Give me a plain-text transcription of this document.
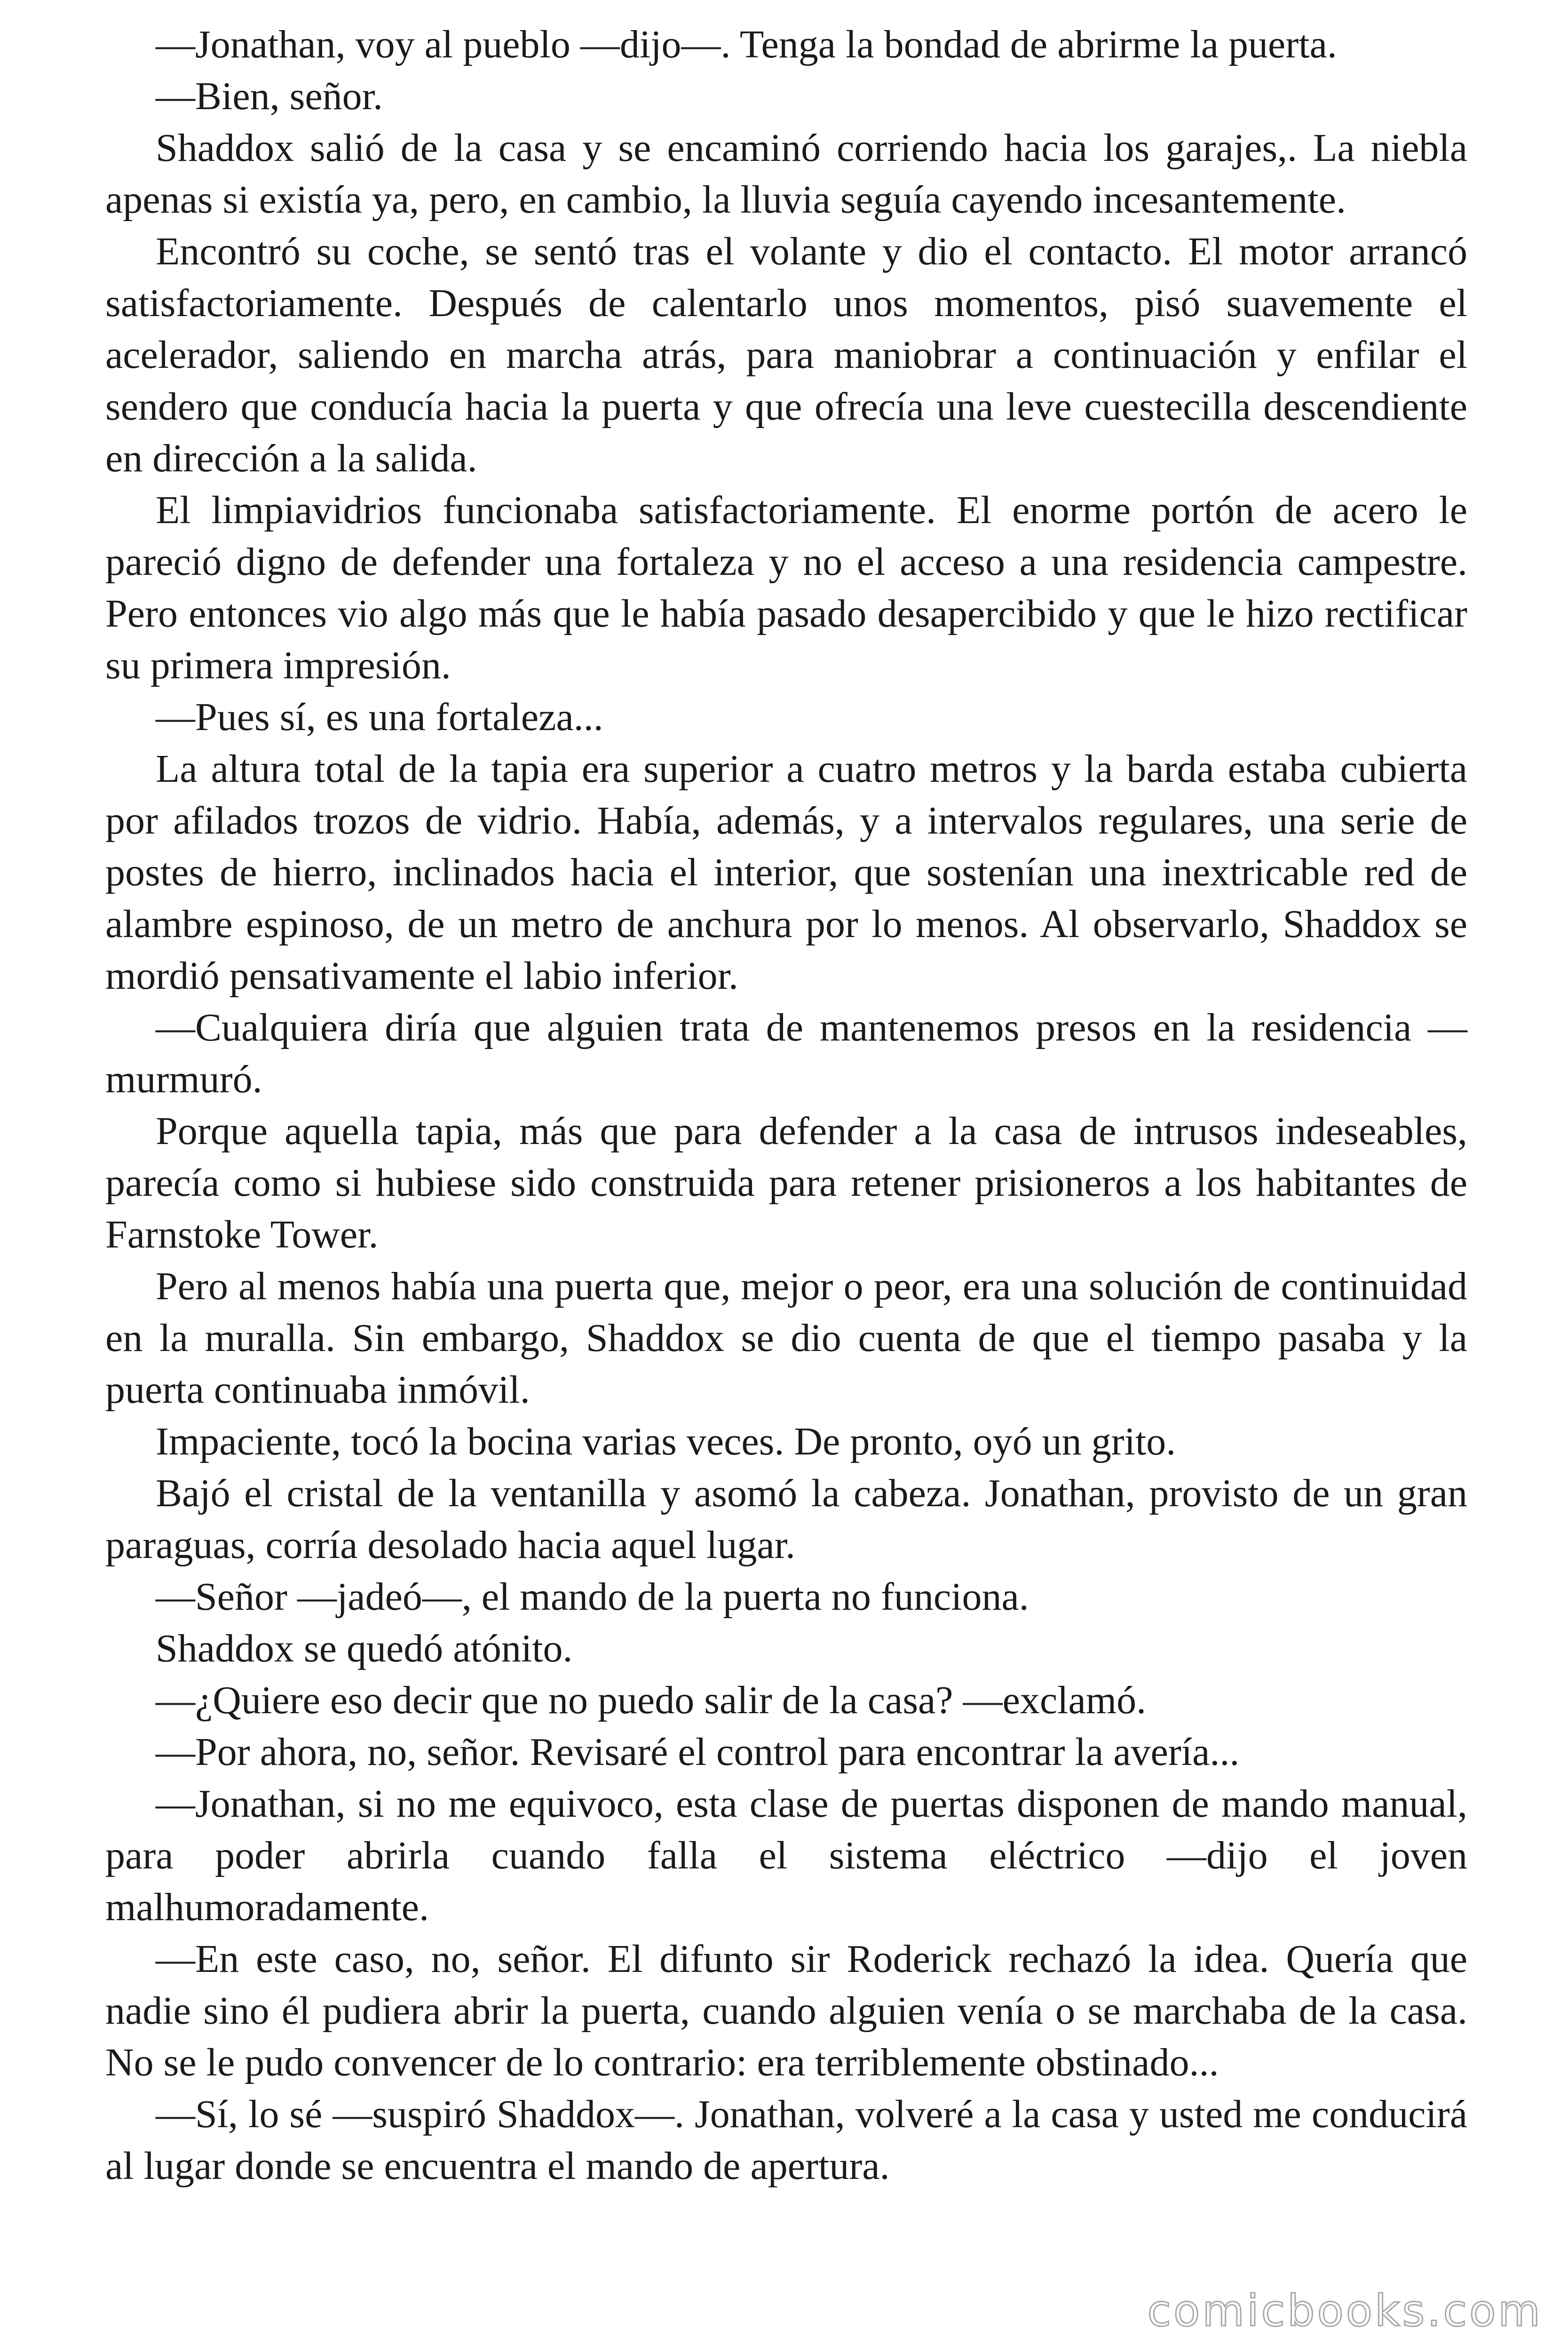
—Jonathan, voy al pueblo —dijo—. Tenga la bondad de abrirme la puerta.

—Bien, señor.

Shaddox salió de la casa y se encaminó corriendo hacia los garajes,. La niebla apenas si existía ya, pero, en cambio, la lluvia seguía cayendo incesantemente.

Encontró su coche, se sentó tras el volante y dio el contacto. El motor arrancó satisfactoriamente. Después de calentarlo unos momentos, pisó suavemente el acelerador, saliendo en marcha atrás, para maniobrar a continuación y enfilar el sendero que conducía hacia la puerta y que ofrecía una leve cuestecilla descendiente en dirección a la salida.

El limpiavidrios funcionaba satisfactoriamente. El enorme portón de acero le pareció digno de defender una fortaleza y no el acceso a una residencia campestre. Pero entonces vio algo más que le había pasado desapercibido y que le hizo rectificar su primera impresión.

—Pues sí, es una fortaleza...

La altura total de la tapia era superior a cuatro metros y la barda estaba cubierta por afilados trozos de vidrio. Había, además, y a intervalos regulares, una serie de postes de hierro, inclinados hacia el interior, que sostenían una inextricable red de alambre espinoso, de un metro de anchura por lo menos. Al observarlo, Shaddox se mordió pensativamente el labio inferior.

—Cualquiera diría que alguien trata de mantenemos presos en la residencia —murmuró.

Porque aquella tapia, más que para defender a la casa de intrusos indeseables, parecía como si hubiese sido construida para retener prisioneros a los habitantes de Farnstoke Tower.

Pero al menos había una puerta que, mejor o peor, era una solución de continuidad en la muralla. Sin embargo, Shaddox se dio cuenta de que el tiempo pasaba y la puerta continuaba inmóvil.

Impaciente, tocó la bocina varias veces. De pronto, oyó un grito.

Bajó el cristal de la ventanilla y asomó la cabeza. Jonathan, provisto de un gran paraguas, corría desolado hacia aquel lugar.

—Señor —jadeó—, el mando de la puerta no funciona.

Shaddox se quedó atónito.

—¿Quiere eso decir que no puedo salir de la casa? —exclamó.

—Por ahora, no, señor. Revisaré el control para encontrar la avería...

—Jonathan, si no me equivoco, esta clase de puertas disponen de mando manual, para poder abrirla cuando falla el sistema eléctrico —dijo el joven malhumoradamente.

—En este caso, no, señor. El difunto sir Roderick rechazó la idea. Quería que nadie sino él pudiera abrir la puerta, cuando alguien venía o se marchaba de la casa. No se le pudo convencer de lo contrario: era terriblemente obstinado...

—Sí, lo sé —suspiró Shaddox—. Jonathan, volveré a la casa y usted me conducirá al lugar donde se encuentra el mando de apertura.

comicbooks.com
